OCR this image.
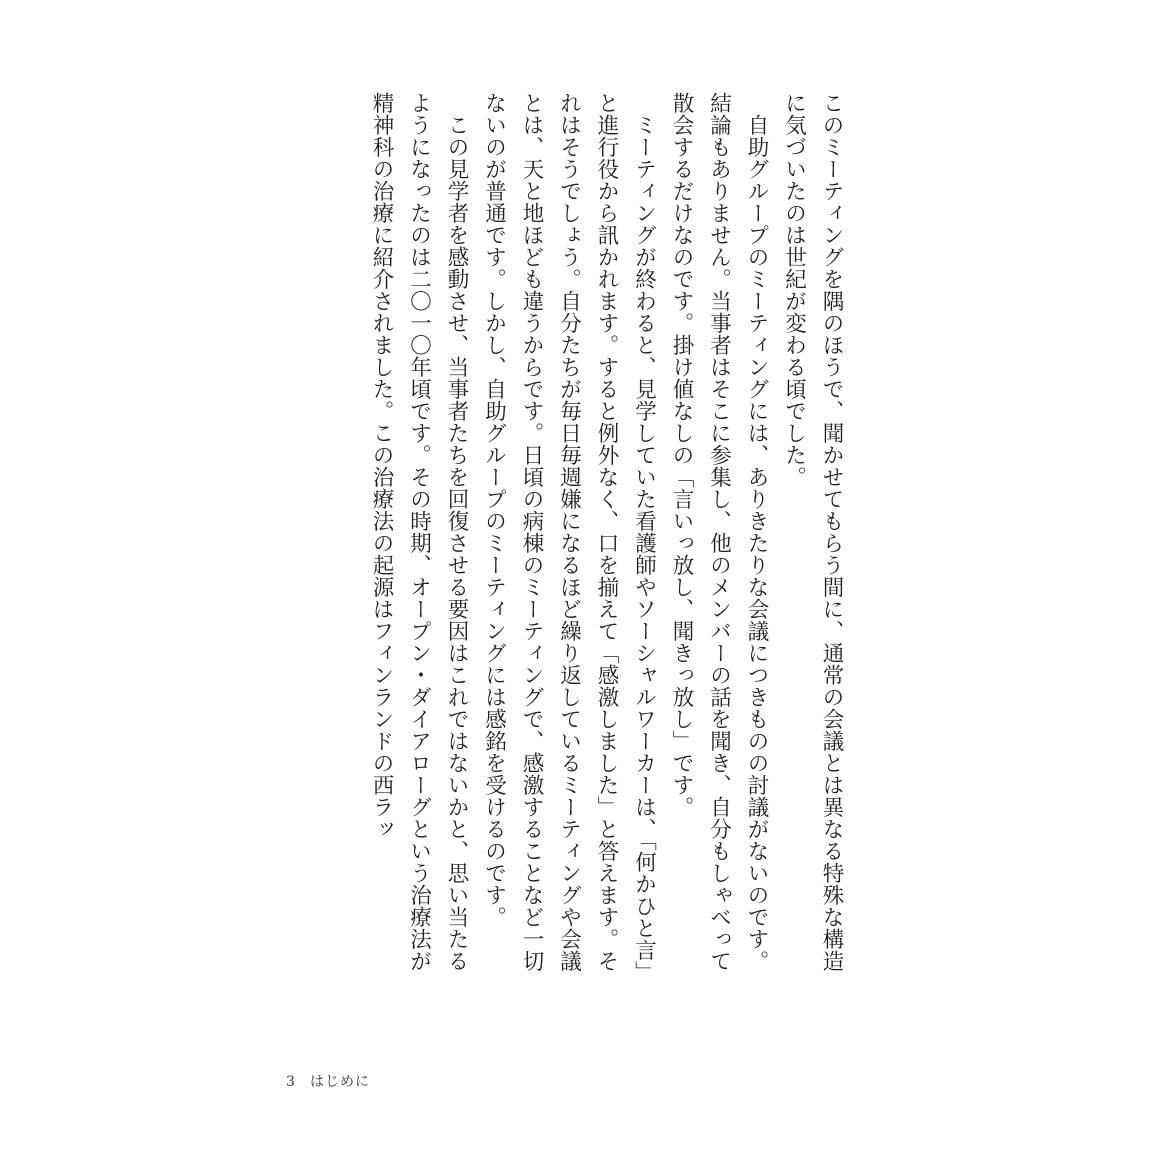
このミーティングを隅のほうで、聞かせてもらう間に、通常の会議とは異なる特殊な構造に気づいたのは世紀が変わる頃でした。

自助グループのミーティングには、ありきたりな会議につきものの討議がないのです。結論もありません。当事者はそこに参集し、他のメンバーの話を聞き、自分もしゃべって散会するだけなのです。掛け値なしの「言いっ放し、聞きっ放し」です。

ミーティングが終わると、見学していた看護師やソーシャルワーカーは、「何かひと言」と進行役から訊かれます。すると例外なく、口を揃えて「感激しました」と答えます。それはそうでしょう。自分たちが毎日毎週嫌になるほど繰り返しているミーティングや会議とは、天と地ほども違うからです。日頃の病棟のミーティングで、感激することなど一切ないのが普通です。しかし、自助グループのミーティングには感銘を受けるのです。

この見学者を感動させ、当事者たちを回復させる要因はこれではないかと、思い当たるようになったのは二〇一〇年頃です。その時期、オープン・ダイアローグという治療法が精神科の治療に紹介されました。この治療法の起源はフィンランドの西ラッ

3	はじめに
